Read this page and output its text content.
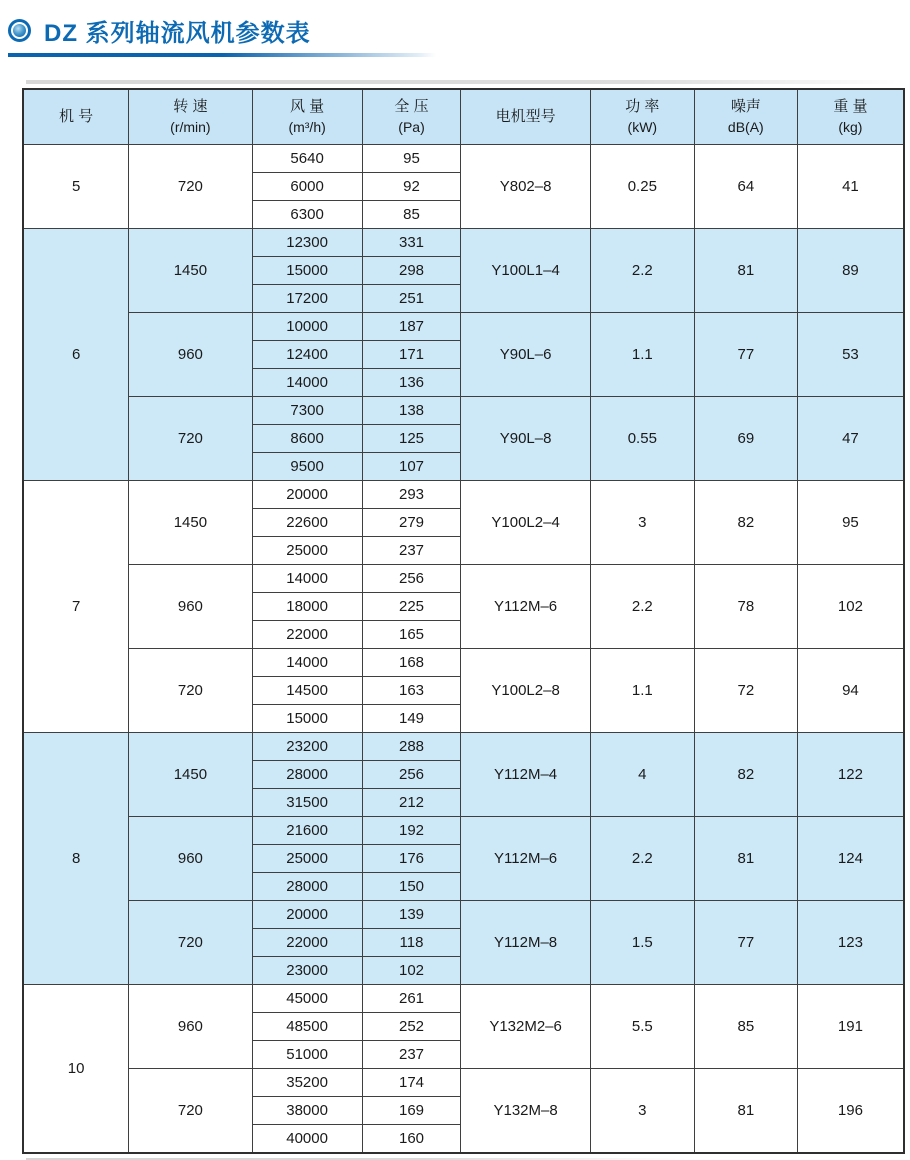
DZ 系列轴流风机参数表
机 号

转 速
(r/min)

风 量
(m³/h)

全 压
(Pa)

电机型号

功 率
(kW)

噪声
dB(A)

重 量
(kg)

5	720	5640	95	Y802–8	0.25	64	41
		6000	92				
		6300	85				
6	1450	12300	331	Y100L1–4	2.2	81	89
		15000	298				
		17200	251				
	960	10000	187	Y90L–6	1.1	77	53
		12400	171				
		14000	136				
	720	7300	138	Y90L–8	0.55	69	47
		8600	125				
		9500	107				
7	1450	20000	293	Y100L2–4	3	82	95
		22600	279				
		25000	237				
	960	14000	256	Y112M–6	2.2	78	102
		18000	225				
		22000	165				
	720	14000	168	Y100L2–8	1.1	72	94
		14500	163				
		15000	149				
8	1450	23200	288	Y112M–4	4	82	122
		28000	256				
		31500	212				
	960	21600	192	Y112M–6	2.2	81	124
		25000	176				
		28000	150				
	720	20000	139	Y112M–8	1.5	77	123
		22000	118				
		23000	102				
10	960	45000	261	Y132M2–6	5.5	85	191
		48500	252				
		51000	237				
	720	35200	174	Y132M–8	3	81	196
		38000	169				
		40000	160				
